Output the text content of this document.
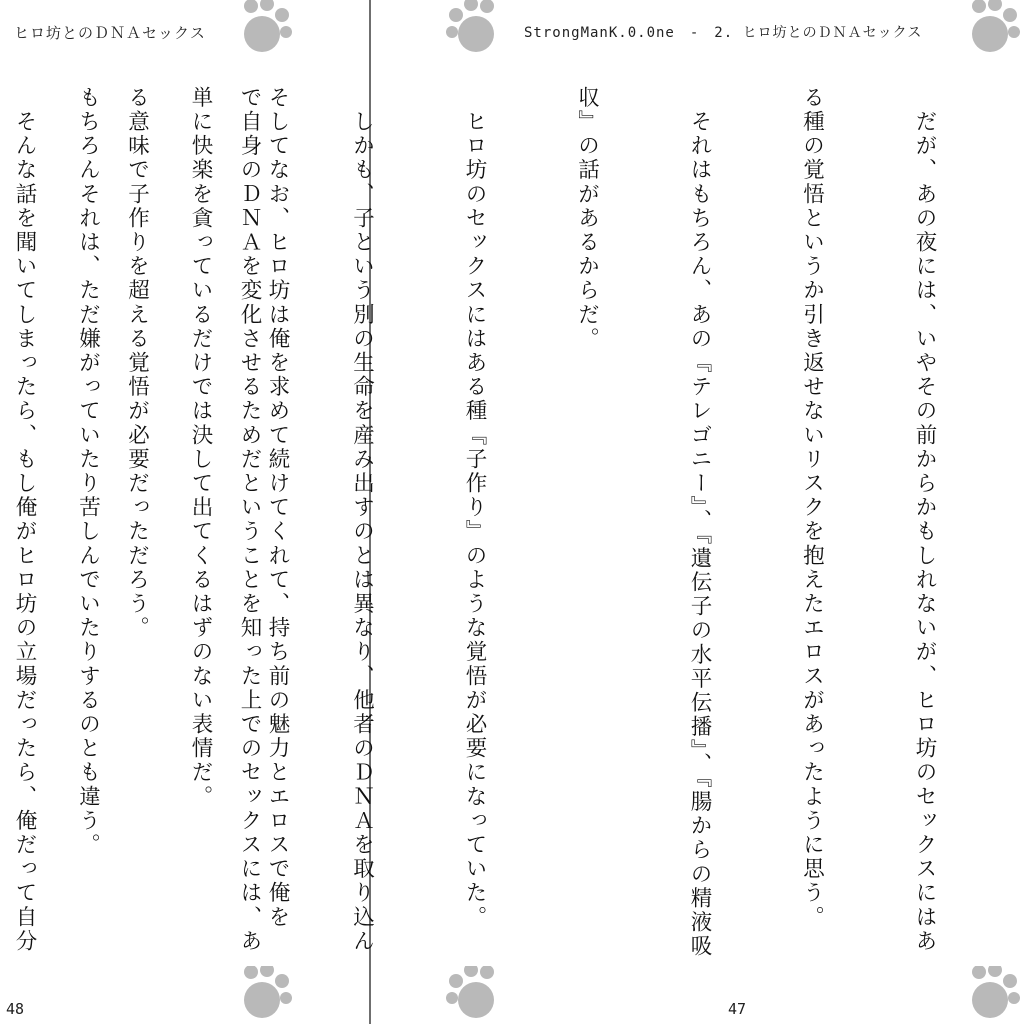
ヒロ坊とのＤＮＡセックス

そしてなお、ヒロ坊は俺を求めて続けてくれて、持ち前の魅力とエロスで俺を

単に快楽を貪っているだけでは決して出てくるはずのない表情だ。

もちろんそれは、ただ嫌がっていたり苦しんでいたりするのとも違う。

48
StrongManK.0.0ne　-　2. ヒロ坊とのＤＮＡセックス

　だが、あの夜には、いやその前からかもしれないが、ヒロ坊のセックスにはあ

る種の覚悟というか引き返せないリスクを抱えたエロスがあったように思う。

　それはもちろん、あの『テレゴニー』、『遺伝子の水平伝播』、『腸からの精液吸

収』の話があるからだ。

　ヒロ坊のセックスにはある種『子作り』のような覚悟が必要になっていた。

　しかも、子という別の生命を産み出すのとは異なり、他者のＤＮＡを取り込ん

で自身のＤＮＡを変化させるためだということを知った上でのセックスには、あ

る意味で子作りを超える覚悟が必要だっただろう。

　そんな話を聞いてしまったら、もし俺がヒロ坊の立場だったら、俺だって自分

47
